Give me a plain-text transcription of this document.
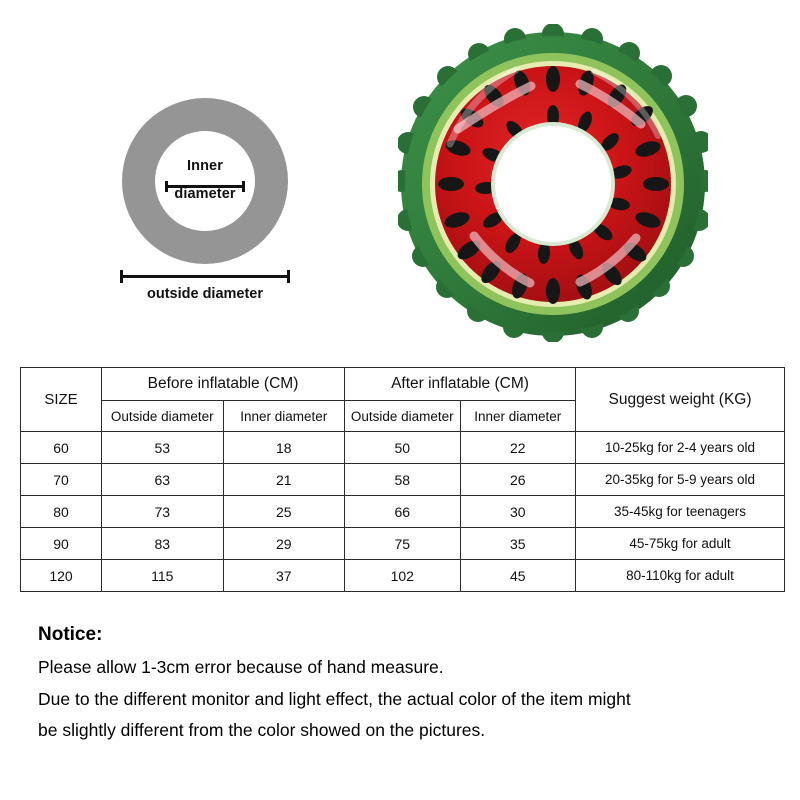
Inner
diameter
outside diameter
SIZE	Before inflatable (CM)		After inflatable (CM)		Suggest weight (KG)
	Outside diameter	Inner diameter	Outside diameter	Inner diameter	
60	53	18	50	22	10-25kg for 2-4 years old
70	63	21	58	26	20-35kg for 5-9 years old
80	73	25	66	30	35-45kg for teenagers
90	83	29	75	35	45-75kg for adult
120	115	37	102	45	80-110kg for adult
Notice:
Please allow 1-3cm error because of hand measure.
Due to the different monitor and light effect, the actual color of the item might
be slightly different from the color showed on the pictures.
